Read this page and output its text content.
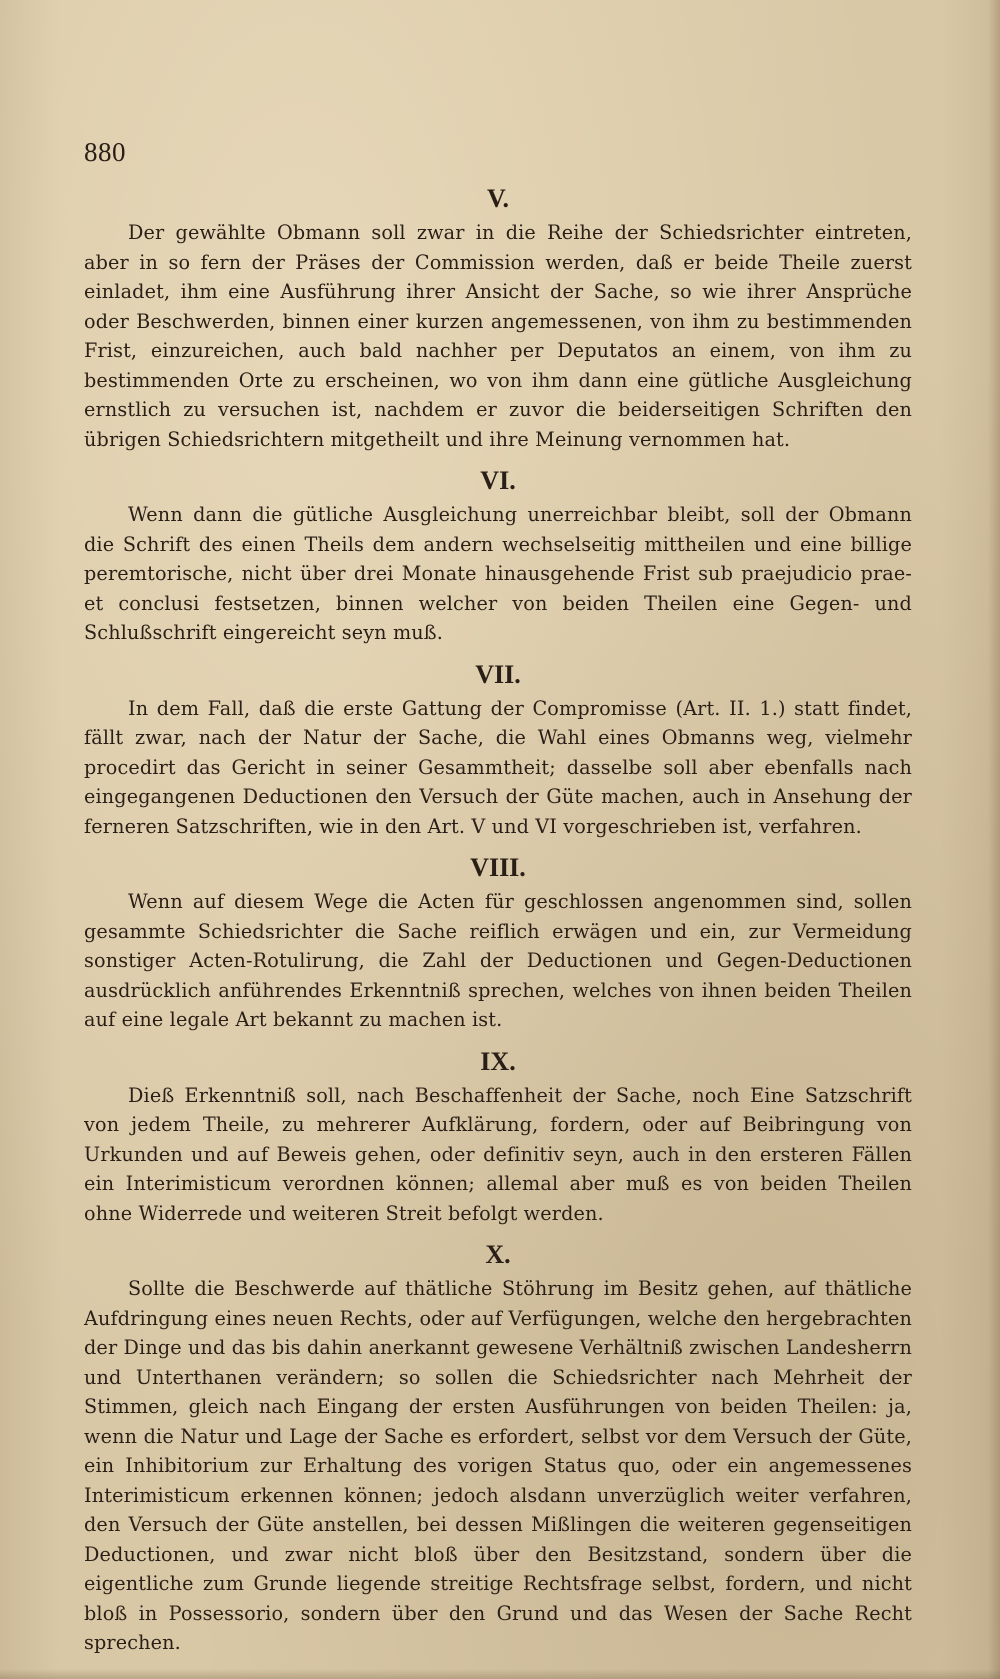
880
V.

Der gewählte Obmann soll zwar in die Reihe der Schiedsrichter eintreten, aber in so fern der Präses der Commission werden, daß er beide Theile zuerst einladet, ihm eine Ausführung ihrer Ansicht der Sache, so wie ihrer Ansprüche oder Beschwerden, binnen einer kurzen angemessenen, von ihm zu bestimmenden Frist, einzureichen, auch bald nachher per Deputatos an einem, von ihm zu bestimmenden Orte zu erscheinen, wo von ihm dann eine gütliche Ausgleichung ernstlich zu versuchen ist, nachdem er zuvor die beiderseitigen Schriften den übrigen Schiedsrichtern mitgetheilt und ihre Meinung vernommen hat.

VI.

Wenn dann die gütliche Ausgleichung unerreichbar bleibt, soll der Obmann die Schrift des einen Theils dem andern wechselseitig mittheilen und eine billige peremtorische, nicht über drei Monate hinausgehende Frist sub praejudicio prae-et conclusi festsetzen, binnen welcher von beiden Theilen eine Gegen- und Schlußschrift eingereicht seyn muß.

VII.

In dem Fall, daß die erste Gattung der Compromisse (Art. II. 1.) statt findet, fällt zwar, nach der Natur der Sache, die Wahl eines Obmanns weg, vielmehr procedirt das Gericht in seiner Gesammtheit; dasselbe soll aber ebenfalls nach eingegangenen Deductionen den Versuch der Güte machen, auch in Ansehung der ferneren Satzschriften, wie in den Art. V und VI vorgeschrieben ist, verfahren.

VIII.

Wenn auf diesem Wege die Acten für geschlossen angenommen sind, sollen gesammte Schiedsrichter die Sache reiflich erwägen und ein, zur Vermeidung sonstiger Acten-Rotulirung, die Zahl der Deductionen und Gegen-Deductionen ausdrücklich anführendes Erkenntniß sprechen, welches von ihnen beiden Theilen auf eine legale Art bekannt zu machen ist.

IX.

Dieß Erkenntniß soll, nach Beschaffenheit der Sache, noch Eine Satzschrift von jedem Theile, zu mehrerer Aufklärung, fordern, oder auf Beibringung von Urkunden und auf Beweis gehen, oder definitiv seyn, auch in den ersteren Fällen ein Interimisticum verordnen können; allemal aber muß es von beiden Theilen ohne Widerrede und weiteren Streit befolgt werden.

X.

Sollte die Beschwerde auf thätliche Stöhrung im Besitz gehen, auf thätliche Aufdringung eines neuen Rechts, oder auf Verfügungen, welche den hergebrachten der Dinge und das bis dahin anerkannt gewesene Verhältniß zwischen Landesherrn und Unterthanen verändern; so sollen die Schiedsrichter nach Mehrheit der Stimmen, gleich nach Eingang der ersten Ausführungen von beiden Theilen: ja, wenn die Natur und Lage der Sache es erfordert, selbst vor dem Versuch der Güte, ein Inhibitorium zur Erhaltung des vorigen Status quo, oder ein angemessenes Interimisticum erkennen können; jedoch alsdann unverzüglich weiter verfahren, den Versuch der Güte anstellen, bei dessen Mißlingen die weiteren gegenseitigen Deductionen, und zwar nicht bloß über den Besitzstand, sondern über die eigentliche zum Grunde liegende streitige Rechtsfrage selbst, fordern, und nicht bloß in Possessorio, sondern über den Grund und das Wesen der Sache Recht sprechen.
